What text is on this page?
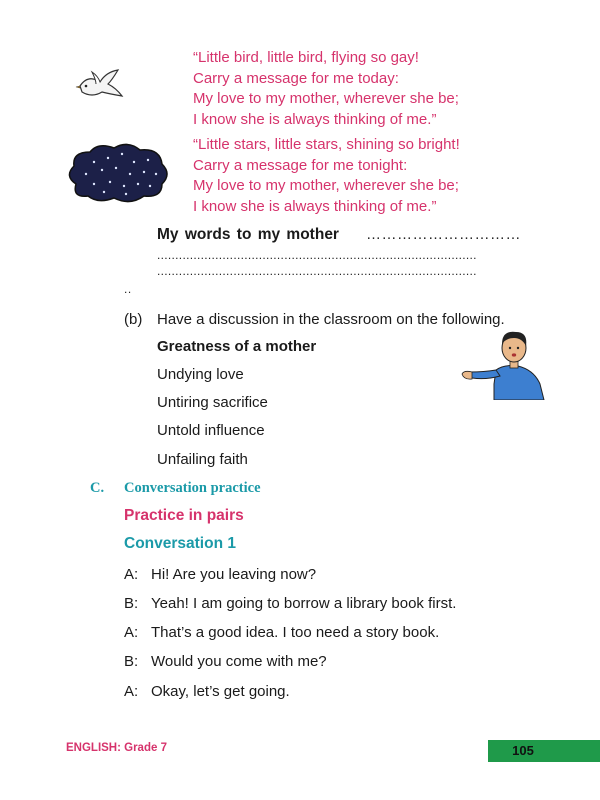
“Little bird, little bird, flying so gay!
Carry a message for me today:
My love to my mother, wherever she be;
I know she is always thinking of me.”
“Little stars, little stars, shining so bright!
Carry a message for me tonight:
My love to my mother, wherever she be;
I know she is always thinking of me.”
My words to my mother …………………………
........................................................................................
........................................................................................
..
(b) Have a discussion in the classroom on the following.
Greatness of a mother
Undying love
Untiring sacrifice
Untold influence
Unfailing faith
C. Conversation practice
Practice in pairs
Conversation 1
A: Hi! Are you leaving now?
B: Yeah! I am going to borrow a library book first.
A: That’s a good idea. I too need a story book.
B: Would you come with me?
A: Okay, let’s get going.
ENGLISH: Grade 7	105
